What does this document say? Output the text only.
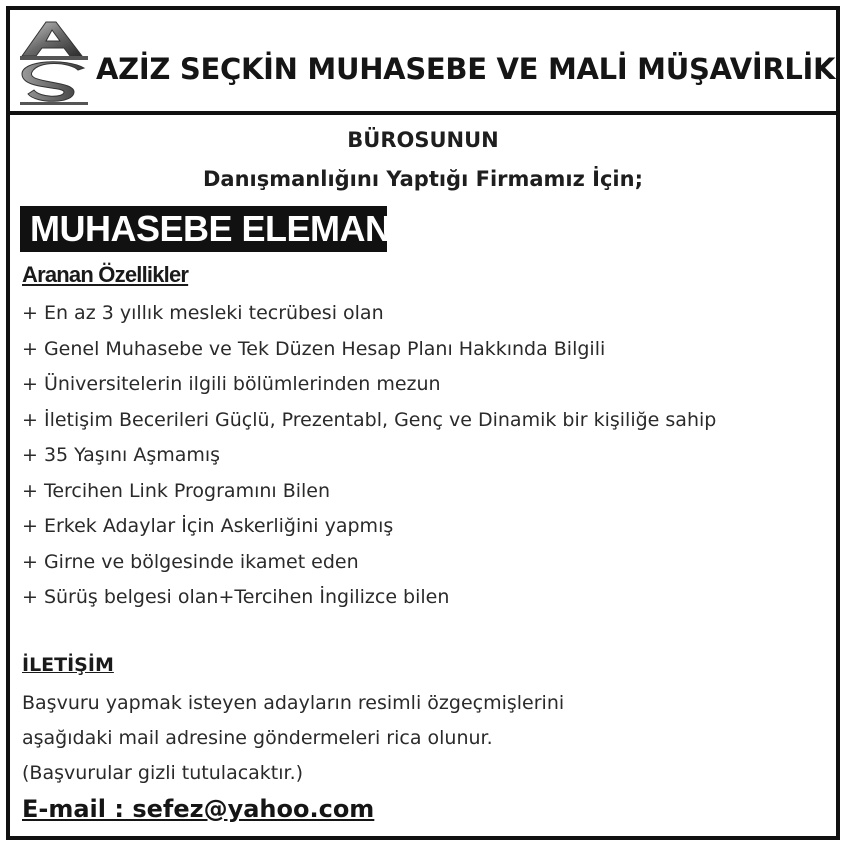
AZİZ SEÇKİN MUHASEBE VE MALİ MÜŞAVİRLİK
BÜROSUNUN
Danışmanlığını Yaptığı Firmamız İçin;
MUHASEBE ELEMANI
Aranan Özellikler
+ En az 3 yıllık mesleki tecrübesi olan
+ Genel Muhasebe ve Tek Düzen Hesap Planı Hakkında Bilgili
+ Üniversitelerin ilgili bölümlerinden mezun
+ İletişim Becerileri Güçlü, Prezentabl, Genç ve Dinamik bir kişiliğe sahip
+ 35 Yaşını Aşmamış
+ Tercihen Link Programını Bilen
+ Erkek Adaylar İçin Askerliğini yapmış
+ Girne ve bölgesinde ikamet eden
+ Sürüş belgesi olan+Tercihen İngilizce bilen
İLETİŞİM
Başvuru yapmak isteyen adayların resimli özgeçmişlerini
aşağıdaki mail adresine göndermeleri rica olunur.
(Başvurular gizli tutulacaktır.)
E-mail : sefez@yahoo.com
